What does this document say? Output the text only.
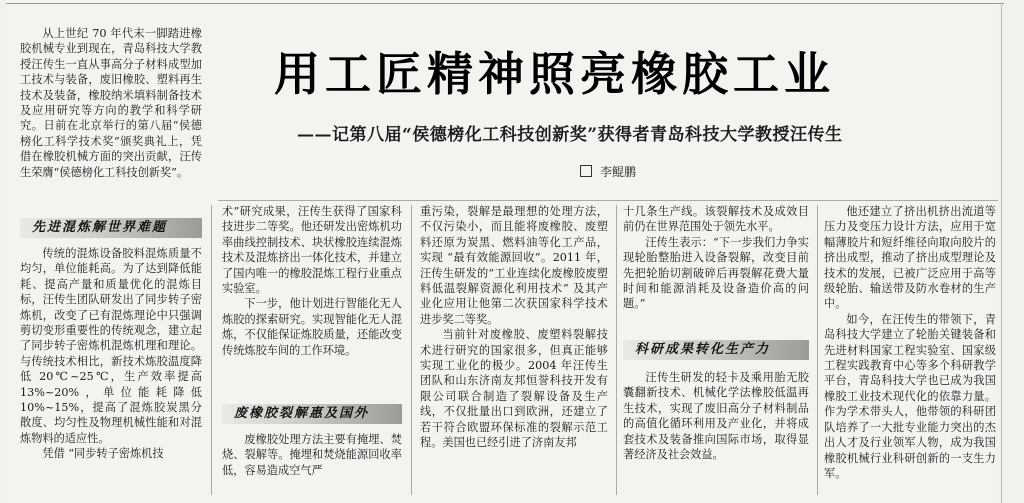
从上世纪 70 年代末一脚踏进橡胶机械专业到现在，青岛科技大学教授汪传生一直从事高分子材料成型加工技术与装备，废旧橡胶、塑料再生技术及装备，橡胶纳米填料制备技术及应用研究等方向的教学和科学研究。日前在北京举行的第八届“侯德榜化工科学技术奖”颁奖典礼上，凭借在橡胶机械方面的突出贡献，汪传生荣膺“侯德榜化工科技创新奖”。

用工匠精神照亮橡胶工业
——记第八届“侯德榜化工科技创新奖”获得者青岛科技大学教授汪传生
李鲲鹏
先进混炼解世界难题

传统的混炼设备胶料混炼质量不均匀，单位能耗高。为了达到降低能耗、提高产量和质量优化的混炼目标，汪传生团队研发出了同步转子密炼机，改变了已有混炼理论中只强调剪切变形重要性的传统观念，建立起了同步转子密炼机混炼机理和理论。与传统技术相比，新技术炼胶温度降低 20℃~25℃，生产效率提高 13%~20%，单位能耗降低 10%~15%，提高了混炼胶炭黑分散度、均匀性及物理机械性能和对混炼物料的适应性。

凭借 “同步转子密炼机技

术”研究成果，汪传生获得了国家科技进步二等奖。他还研发出密炼机功率曲线控制技术、块状橡胶连续混炼技术及混炼挤出一体化技术，并建立了国内唯一的橡胶混炼工程行业重点实验室。

下一步，他计划进行智能化无人炼胶的探索研究。实现智能化无人混炼，不仅能保证炼胶质量，还能改变传统炼胶车间的工作环境。

废橡胶裂解惠及国外

废橡胶处理方法主要有掩埋、焚烧、裂解等。掩埋和焚烧能源回收率低，容易造成空气严

重污染，裂解是最理想的处理方法，不仅污染小，而且能将废橡胶、废塑料还原为炭黑、燃料油等化工产品，实现 “最有效能源回收”。2011 年，汪传生研发的“工业连续化废橡胶废塑料低温裂解资源化利用技术” 及其产业化应用让他第二次获国家科学技术进步奖二等奖。

当前针对废橡胶、废塑料裂解技术进行研究的国家很多，但真正能够实现工业化的极少。2004 年汪传生团队和山东济南友邦恒誉科技开发有限公司联合制造了裂解设备及生产线，不仅批量出口到欧洲，还建立了若干符合欧盟环保标准的裂解示范工程。美国也已经引进了济南友邦

十几条生产线。该裂解技术及成效目前仍在世界范围处于领先水平。

汪传生表示：“下一步我们力争实现轮胎整胎进入设备裂解，改变目前先把轮胎切割破碎后再裂解花费大量时间和能源消耗及设备造价高的问题。”

科研成果转化生产力

汪传生研发的轻卡及乘用胎无胶囊翻新技术、机械化学法橡胶低温再生技术，实现了废旧高分子材料制品的高值化循环利用及产业化，并将成套技术及装备推向国际市场，取得显著经济及社会效益。

他还建立了挤出机挤出流道等压力及变压力设计方法，应用于宽幅薄胶片和短纤维径向取向胶片的挤出成型，推动了挤出成型理论及技术的发展，已被广泛应用于高等级轮胎、输送带及防水卷材的生产中。

如今，在汪传生的带领下，青岛科技大学建立了轮胎关键装备和先进材料国家工程实验室、国家级工程实践教育中心等多个科研教学平台，青岛科技大学也已成为我国橡胶工业技术现代化的依靠力量。作为学术带头人，他带领的科研团队培养了一大批专业能力突出的杰出人才及行业领军人物，成为我国橡胶机械行业科研创新的一支生力军。
